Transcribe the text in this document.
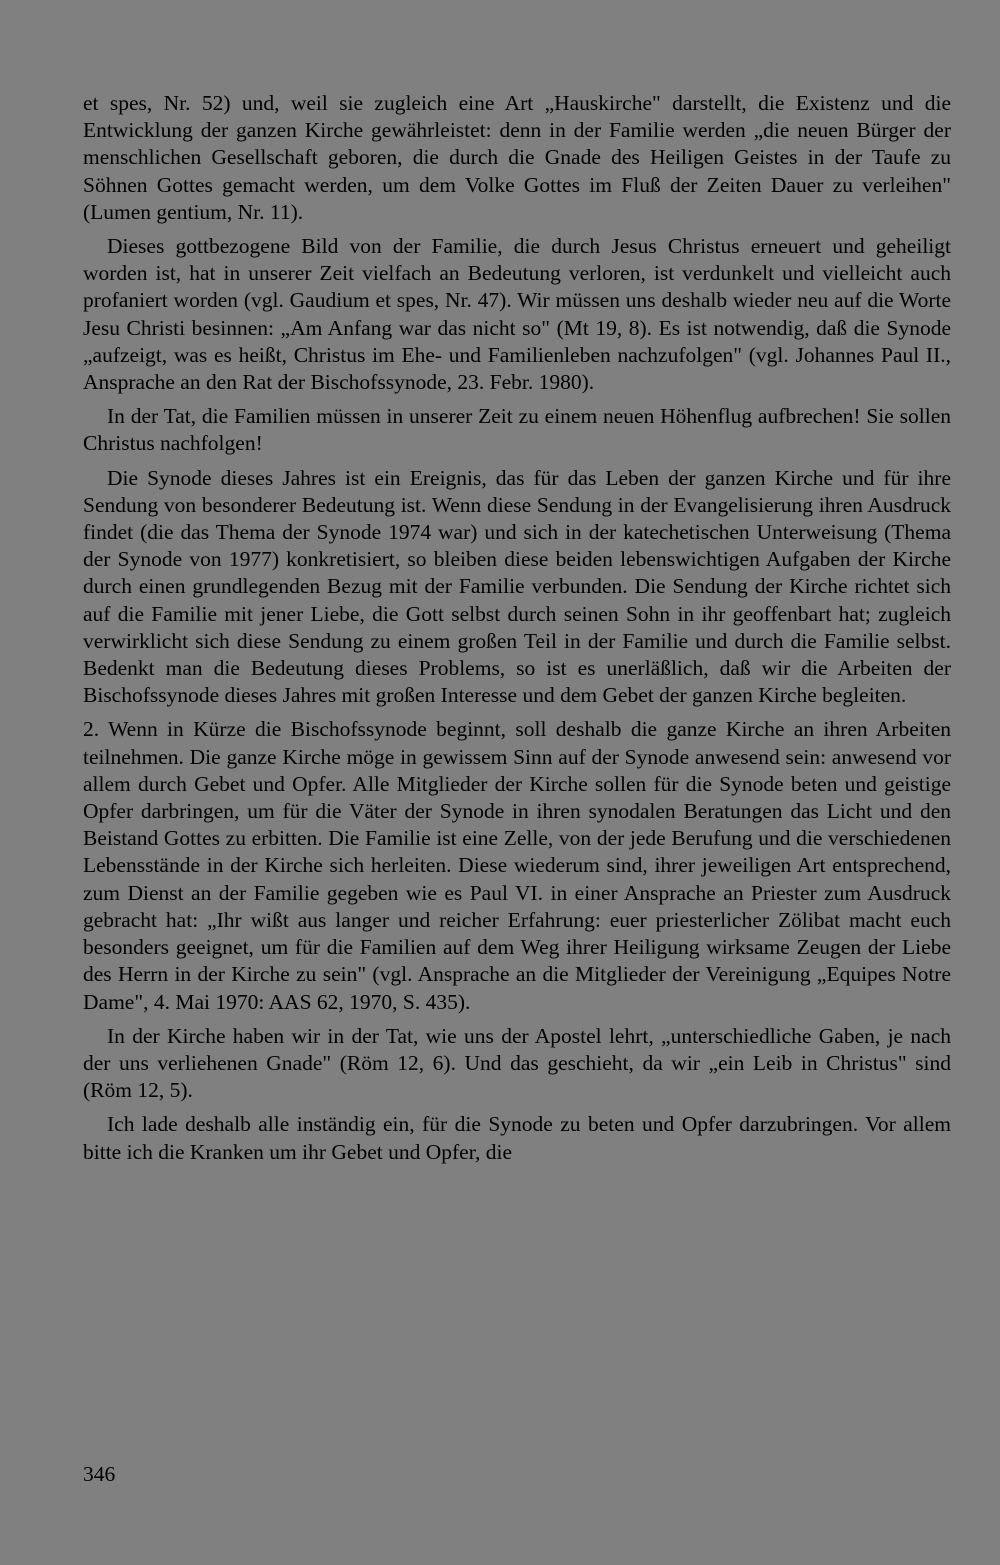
et spes, Nr. 52) und, weil sie zugleich eine Art „Hauskirche" darstellt, die Existenz und die Entwicklung der ganzen Kirche gewährleistet: denn in der Familie werden „die neuen Bürger der menschlichen Gesellschaft geboren, die durch die Gnade des Heiligen Geistes in der Taufe zu Söhnen Gottes gemacht werden, um dem Volke Gottes im Fluß der Zeiten Dauer zu verleihen" (Lumen gentium, Nr. 11).

Dieses gottbezogene Bild von der Familie, die durch Jesus Christus erneuert und geheiligt worden ist, hat in unserer Zeit vielfach an Bedeutung verloren, ist verdunkelt und vielleicht auch profaniert worden (vgl. Gaudium et spes, Nr. 47). Wir müssen uns deshalb wieder neu auf die Worte Jesu Christi besinnen: „Am Anfang war das nicht so" (Mt 19, 8). Es ist notwendig, daß die Synode „aufzeigt, was es heißt, Christus im Ehe- und Familienleben nachzufolgen" (vgl. Johannes Paul II., Ansprache an den Rat der Bischofssynode, 23. Febr. 1980).

In der Tat, die Familien müssen in unserer Zeit zu einem neuen Höhenflug aufbrechen! Sie sollen Christus nachfolgen!

Die Synode dieses Jahres ist ein Ereignis, das für das Leben der ganzen Kirche und für ihre Sendung von besonderer Bedeutung ist. Wenn diese Sendung in der Evangelisierung ihren Ausdruck findet (die das Thema der Synode 1974 war) und sich in der katechetischen Unterweisung (Thema der Synode von 1977) konkretisiert, so bleiben diese beiden lebenswichtigen Aufgaben der Kirche durch einen grundlegenden Bezug mit der Familie verbunden. Die Sendung der Kirche richtet sich auf die Familie mit jener Liebe, die Gott selbst durch seinen Sohn in ihr geoffenbart hat; zugleich verwirklicht sich diese Sendung zu einem großen Teil in der Familie und durch die Familie selbst. Bedenkt man die Bedeutung dieses Problems, so ist es unerläßlich, daß wir die Arbeiten der Bischofssynode dieses Jahres mit großen Interesse und dem Gebet der ganzen Kirche begleiten.

2. Wenn in Kürze die Bischofssynode beginnt, soll deshalb die ganze Kirche an ihren Arbeiten teilnehmen. Die ganze Kirche möge in gewissem Sinn auf der Synode anwesend sein: anwesend vor allem durch Gebet und Opfer. Alle Mitglieder der Kirche sollen für die Synode beten und geistige Opfer darbringen, um für die Väter der Synode in ihren synodalen Beratungen das Licht und den Beistand Gottes zu erbitten. Die Familie ist eine Zelle, von der jede Berufung und die verschiedenen Lebensstände in der Kirche sich herleiten. Diese wiederum sind, ihrer jeweiligen Art entsprechend, zum Dienst an der Familie gegeben wie es Paul VI. in einer Ansprache an Priester zum Ausdruck gebracht hat: „Ihr wißt aus langer und reicher Erfahrung: euer priesterlicher Zölibat macht euch besonders geeignet, um für die Familien auf dem Weg ihrer Heiligung wirksame Zeugen der Liebe des Herrn in der Kirche zu sein" (vgl. Ansprache an die Mitglieder der Vereinigung „Equipes Notre Dame", 4. Mai 1970: AAS 62, 1970, S. 435).

In der Kirche haben wir in der Tat, wie uns der Apostel lehrt, „unterschiedliche Gaben, je nach der uns verliehenen Gnade" (Röm 12, 6). Und das geschieht, da wir „ein Leib in Christus" sind (Röm 12, 5).

Ich lade deshalb alle inständig ein, für die Synode zu beten und Opfer darzubringen. Vor allem bitte ich die Kranken um ihr Gebet und Opfer, die

346
